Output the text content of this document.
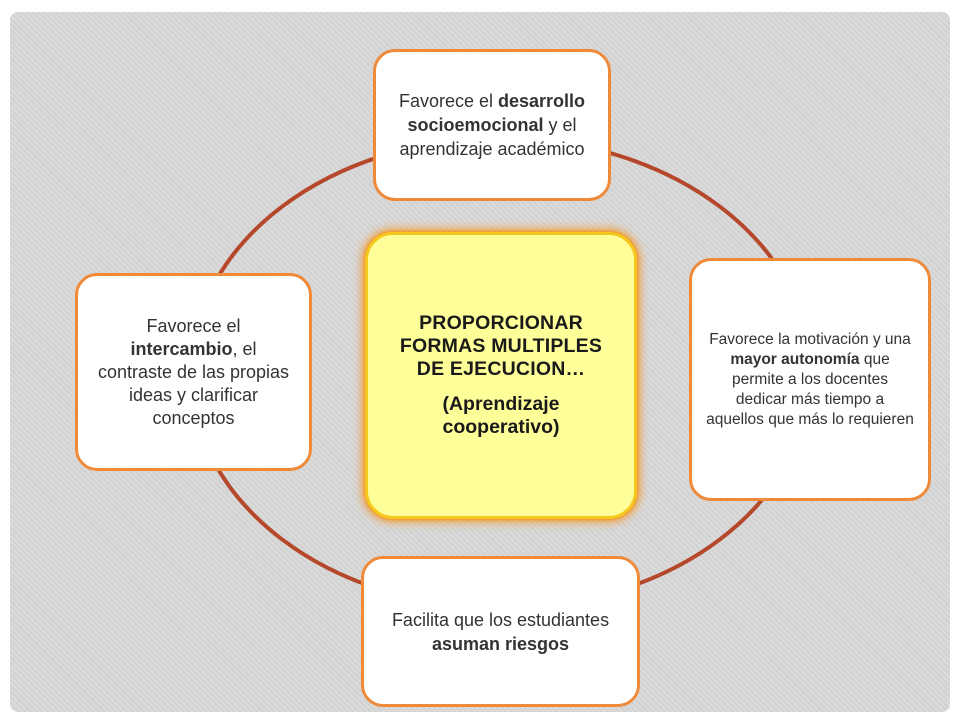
Favorece el desarrollo socioemocional y el aprendizaje académico
Favorece la motivación y una mayor autonomía que permite a los docentes dedicar más tiempo a aquellos que más lo requieren
Facilita que los estudiantes asuman riesgos
Favorece el intercambio, el contraste de las propias ideas y clarificar conceptos
PROPORCIONAR FORMAS MULTIPLES DE EJECUCION…
(Aprendizaje cooperativo)
